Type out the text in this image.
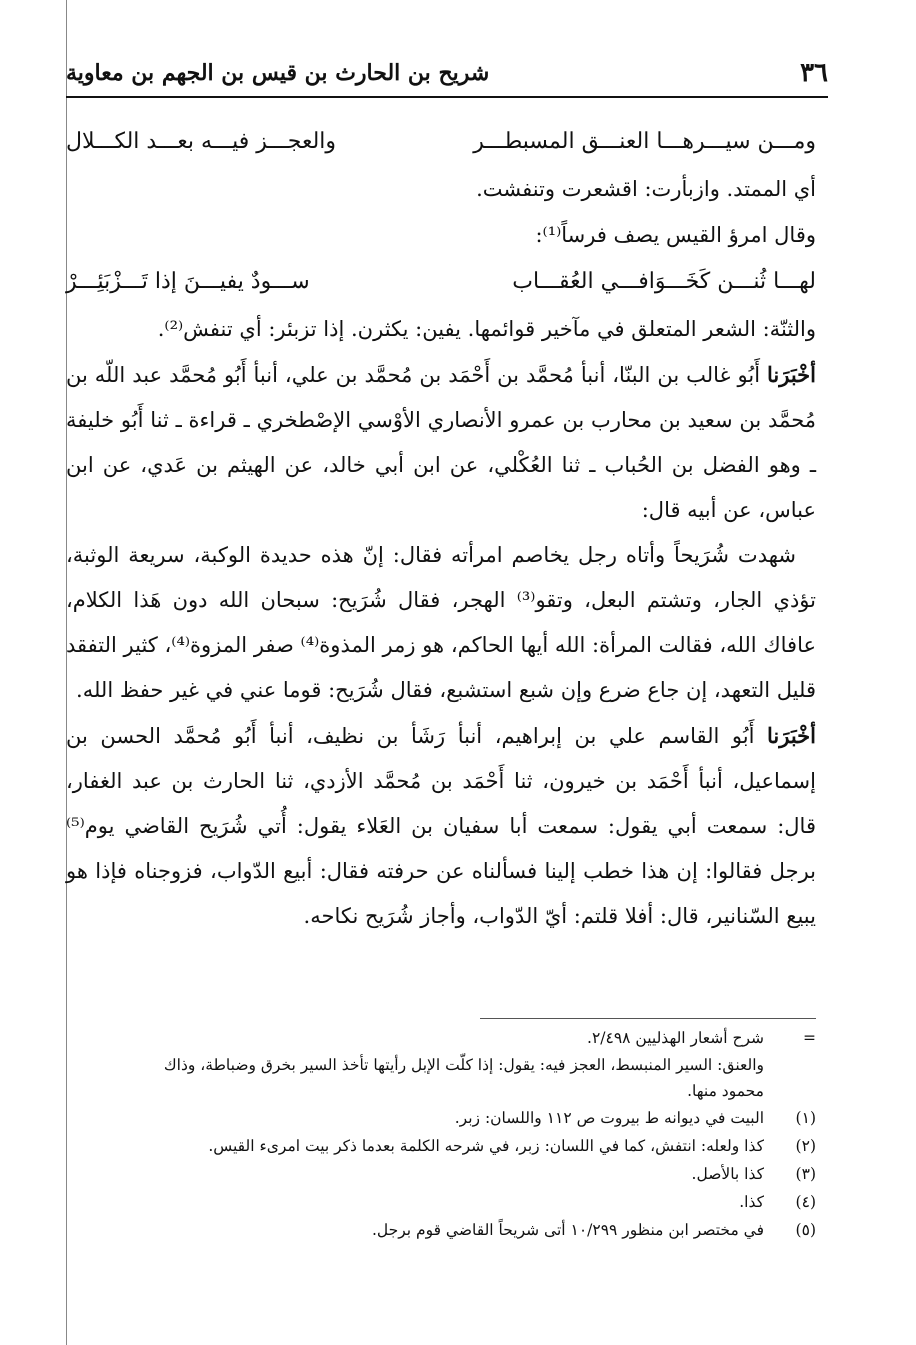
شريح بن الحارث بن قيس بن الجهم بن معاوية	٣٦
ومـــن سيـــرهـــا العنـــق المسبطـــر
والعجـــز فيـــه بعـــد الكـــلال
أي الممتد. وازبأرت: اقشعرت وتنفشت.
وقال امرؤ القيس يصف فرساً⁽¹⁾:
لهـــا ثُنـــن كَخَـــوَافـــي العُقـــاب
ســـودٌ يفيـــنَ إذا تَـــزْبَئِـــرْ
والثنّة: الشعر المتعلق في مآخير قوائمها. يفين: يكثرن. إذا تزبئر: أي تنفش⁽²⁾.

أخْبَرَنا أَبُو غالب بن البنّا، أنبأ مُحمَّد بن أَحْمَد بن مُحمَّد بن علي، أنبأ أَبُو مُحمَّد عبد اللّه بن مُحمَّد بن سعيد بن محارب بن عمرو الأنصاري الأوْسي الإصْطخري ـ قراءة ـ ثنا أَبُو خليفة ـ وهو الفضل بن الحُباب ـ ثنا العُكْلي، عن ابن أبي خالد، عن الهيثم بن عَدي، عن ابن عباس، عن أبيه قال:

شهدت شُرَيحاً وأتاه رجل يخاصم امرأته فقال: إنّ هذه حديدة الوكبة، سريعة الوثبة، تؤذي الجار، وتشتم البعل، وتقو⁽³⁾ الهجر، فقال شُرَيح: سبحان الله دون هَذا الكلام، عافاك الله، فقالت المرأة: الله أيها الحاكم، هو زمر المذوة⁽⁴⁾ صفر المزوة⁽⁴⁾، كثير التفقد قليل التعهد، إن جاع ضرع وإن شبع استشبع، فقال شُرَيح: قوما عني في غير حفظ الله.

أخْبَرَنا أَبُو القاسم علي بن إبراهيم، أنبأ رَشَأ بن نظيف، أنبأ أَبُو مُحمَّد الحسن بن إسماعيل، أنبأ أَحْمَد بن خيرون، ثنا أَحْمَد بن مُحمَّد الأزدي، ثنا الحارث بن عبد الغفار، قال: سمعت أبي يقول: سمعت أبا سفيان بن العَلاء يقول: أُتي شُرَيح القاضي يوم⁽⁵⁾ برجل فقالوا: إن هذا خطب إلينا فسألناه عن حرفته فقال: أبيع الدّواب، فزوجناه فإذا هو يبيع السّنانير، قال: أفلا قلتم: أيّ الدّواب، وأجاز شُرَيح نكاحه.

=
شرح أشعار الهذليين ٢/٤٩٨.
والعنق: السير المنبسط، العجز فيه: يقول: إذا كلّت الإبل رأيتها تأخذ السير بخرق وضباطة، وذاك
محمود منها.
(١)
البيت في ديوانه ط بيروت ص ١١٢ واللسان: زبر.
(٢)
كذا ولعله: انتفش، كما في اللسان: زبر، في شرحه الكلمة بعدما ذكر بيت امرىء القيس.
(٣)
كذا بالأصل.
(٤)
كذا.
(٥)
في مختصر ابن منظور ١٠/٢٩٩ أتى شريحاً القاضي قوم برجل.
